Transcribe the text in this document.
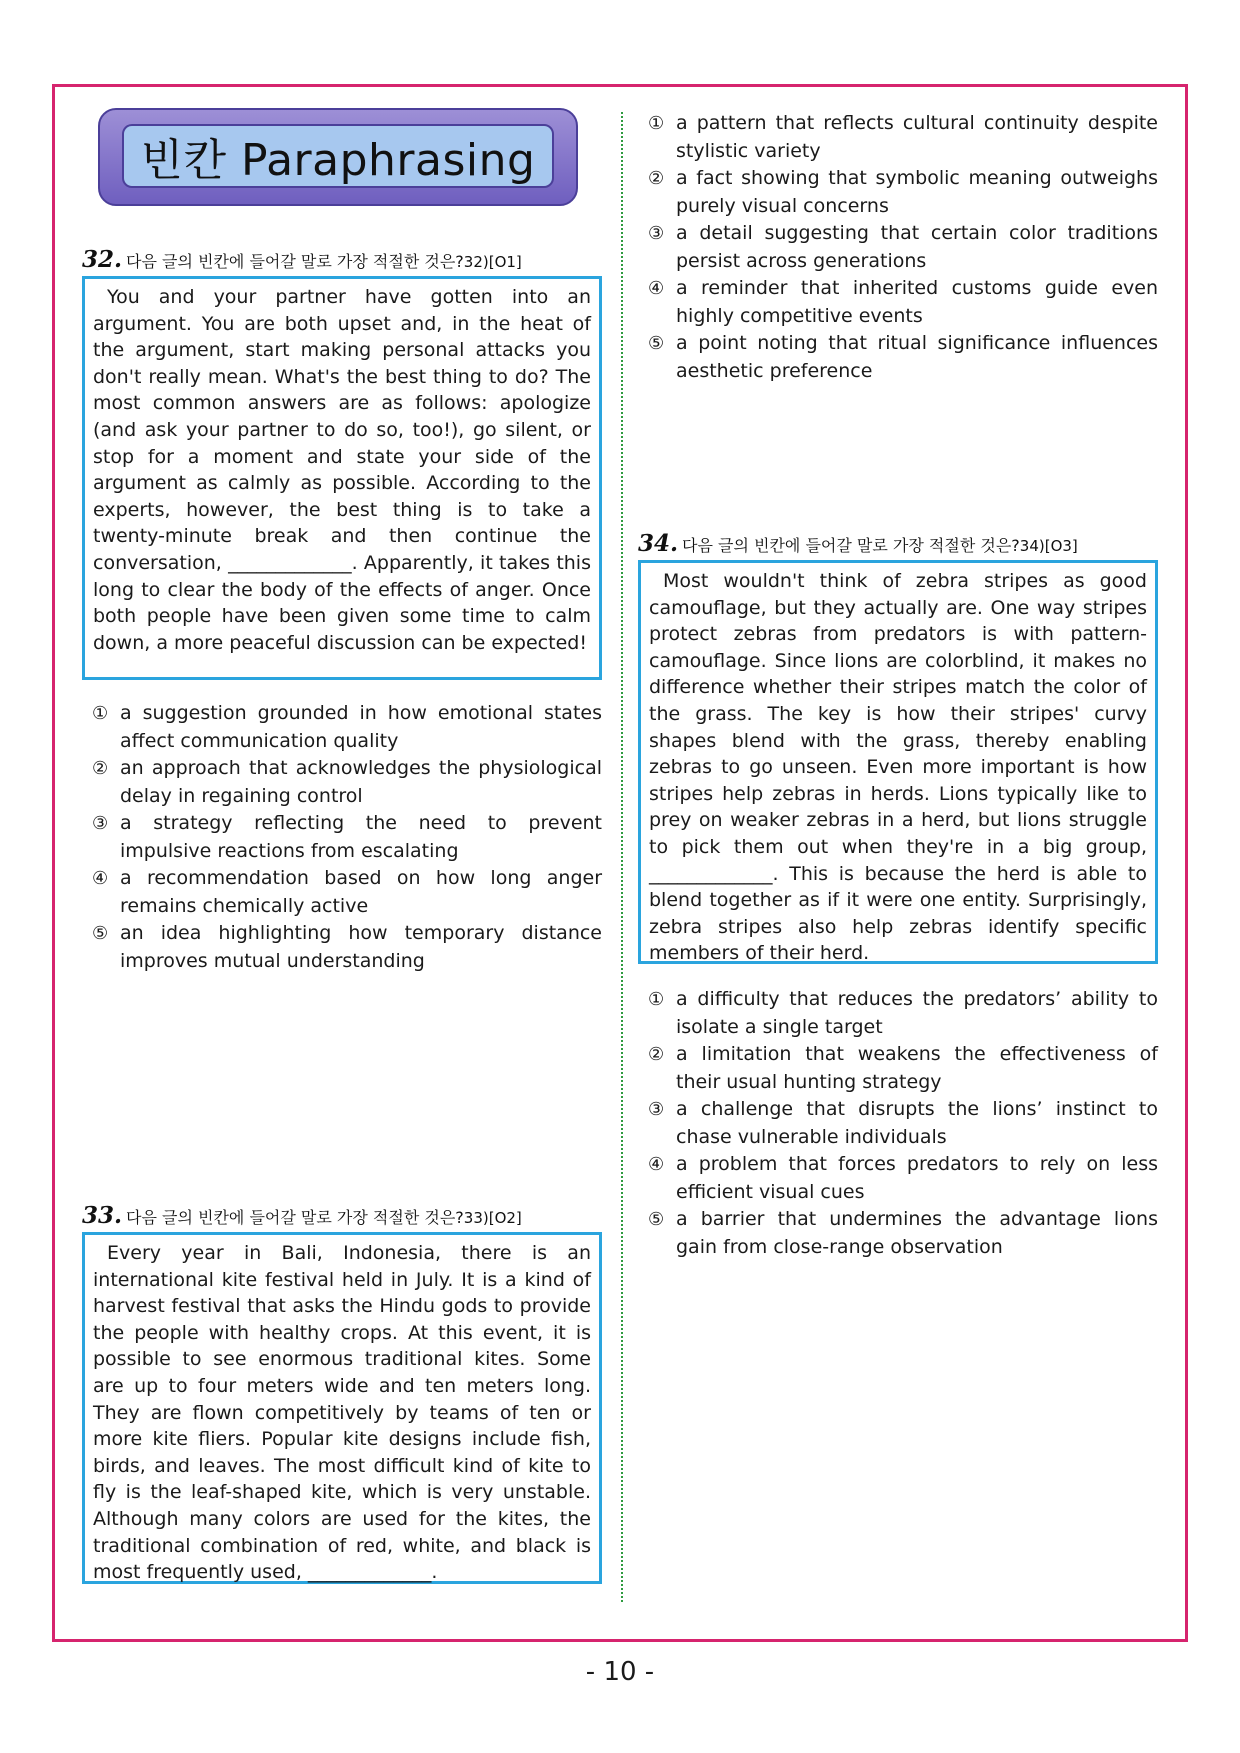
빈칸 Paraphrasing
32. 다음 글의 빈칸에 들어갈 말로 가장 적절한 것은?32)[O1]
You and your partner have gotten into an argument. You are both upset and, in the heat of the argument, start making personal attacks you don't really mean. What's the best thing to do? The most common answers are as follows: apologize (and ask your partner to do so, too!), go silent, or stop for a moment and state your side of the argument as calmly as possible. According to the experts, however, the best thing is to take a twenty-minute break and then continue the conversation, _____________. Apparently, it takes this long to clear the body of the effects of anger. Once both people have been given some time to calm down, a more peaceful discussion can be expected!
① a suggestion grounded in how emotional states affect communication quality
② an approach that acknowledges the physiological delay in regaining control
③ a strategy reflecting the need to prevent impulsive reactions from escalating
④ a recommendation based on how long anger remains chemically active
⑤ an idea highlighting how temporary distance improves mutual understanding
33. 다음 글의 빈칸에 들어갈 말로 가장 적절한 것은?33)[O2]
Every year in Bali, Indonesia, there is an international kite festival held in July. It is a kind of harvest festival that asks the Hindu gods to provide the people with healthy crops. At this event, it is possible to see enormous traditional kites. Some are up to four meters wide and ten meters long. They are flown competitively by teams of ten or more kite fliers. Popular kite designs include fish, birds, and leaves. The most difficult kind of kite to fly is the leaf-shaped kite, which is very unstable. Although many colors are used for the kites, the traditional combination of red, white, and black is most frequently used, _____________.
① a pattern that reflects cultural continuity despite stylistic variety
② a fact showing that symbolic meaning outweighs purely visual concerns
③ a detail suggesting that certain color traditions persist across generations
④ a reminder that inherited customs guide even highly competitive events
⑤ a point noting that ritual significance influences aesthetic preference
34. 다음 글의 빈칸에 들어갈 말로 가장 적절한 것은?34)[O3]
Most wouldn't think of zebra stripes as good camouflage, but they actually are. One way stripes protect zebras from predators is with pattern-camouflage. Since lions are colorblind, it makes no difference whether their stripes match the color of the grass. The key is how their stripes' curvy shapes blend with the grass, thereby enabling zebras to go unseen. Even more important is how stripes help zebras in herds. Lions typically like to prey on weaker zebras in a herd, but lions struggle to pick them out when they're in a big group, _____________. This is because the herd is able to blend together as if it were one entity. Surprisingly, zebra stripes also help zebras identify specific members of their herd.
① a difficulty that reduces the predators’ ability to isolate a single target
② a limitation that weakens the effectiveness of their usual hunting strategy
③ a challenge that disrupts the lions’ instinct to chase vulnerable individuals
④ a problem that forces predators to rely on less efficient visual cues
⑤ a barrier that undermines the advantage lions gain from close-range observation
- 10 -
